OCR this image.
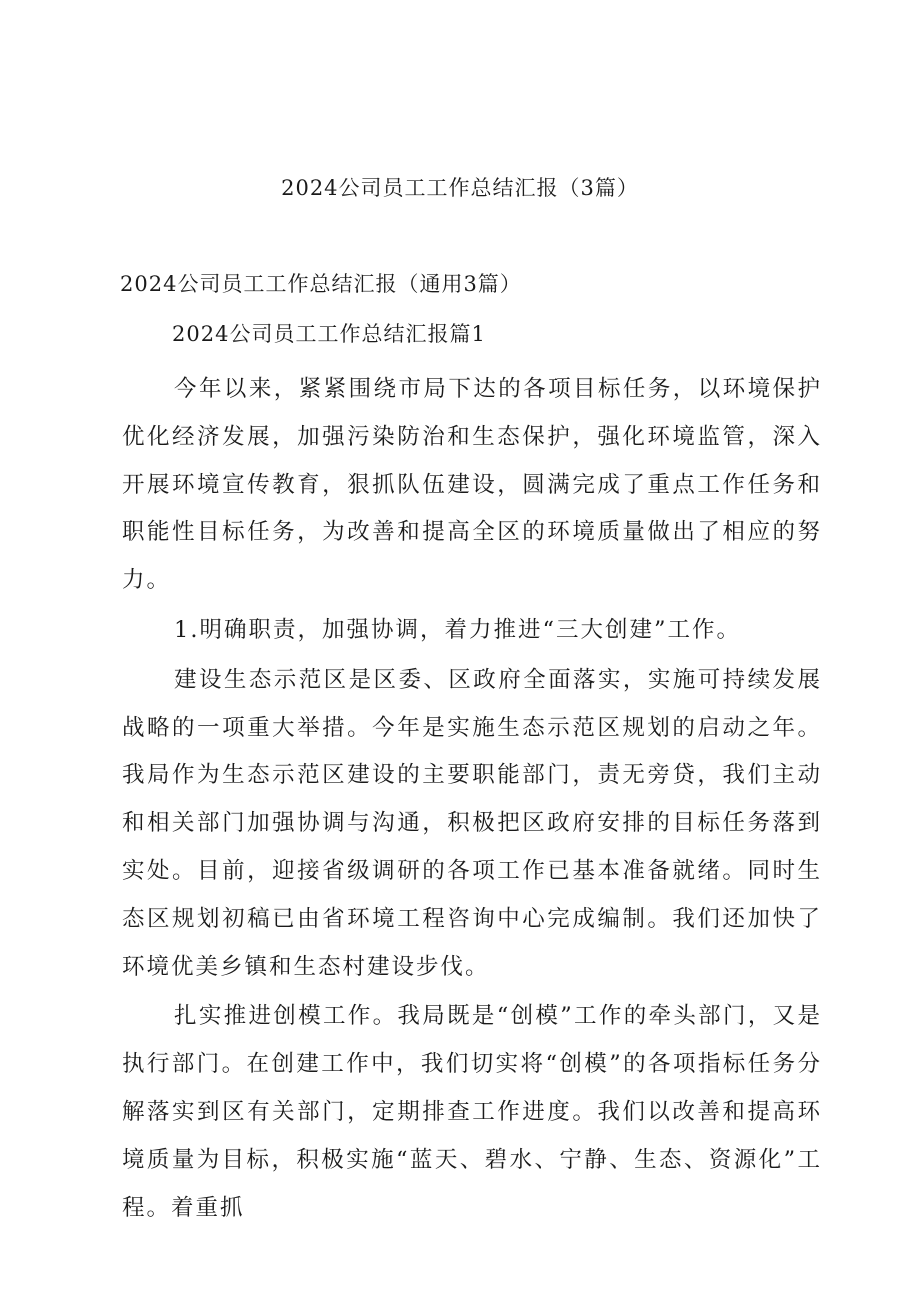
2024公司员工工作总结汇报（3篇）
2024公司员工工作总结汇报（通用3篇）
2024公司员工工作总结汇报篇1

今年以来，紧紧围绕市局下达的各项目标任务，以环境保护优化经济发展，加强污染防治和生态保护，强化环境监管，深入开展环境宣传教育，狠抓队伍建设，圆满完成了重点工作任务和职能性目标任务，为改善和提高全区的环境质量做出了相应的努力。

1.明确职责，加强协调，着力推进“三大创建”工作。

建设生态示范区是区委、区政府全面落实，实施可持续发展战略的一项重大举措。今年是实施生态示范区规划的启动之年。我局作为生态示范区建设的主要职能部门，责无旁贷，我们主动和相关部门加强协调与沟通，积极把区政府安排的目标任务落到实处。目前，迎接省级调研的各项工作已基本准备就绪。同时生态区规划初稿已由省环境工程咨询中心完成编制。我们还加快了环境优美乡镇和生态村建设步伐。

扎实推进创模工作。我局既是“创模”工作的牵头部门，又是执行部门。在创建工作中，我们切实将“创模”的各项指标任务分解落实到区有关部门，定期排查工作进度。我们以改善和提高环境质量为目标，积极实施“蓝天、碧水、宁静、生态、资源化”工程。着重抓
